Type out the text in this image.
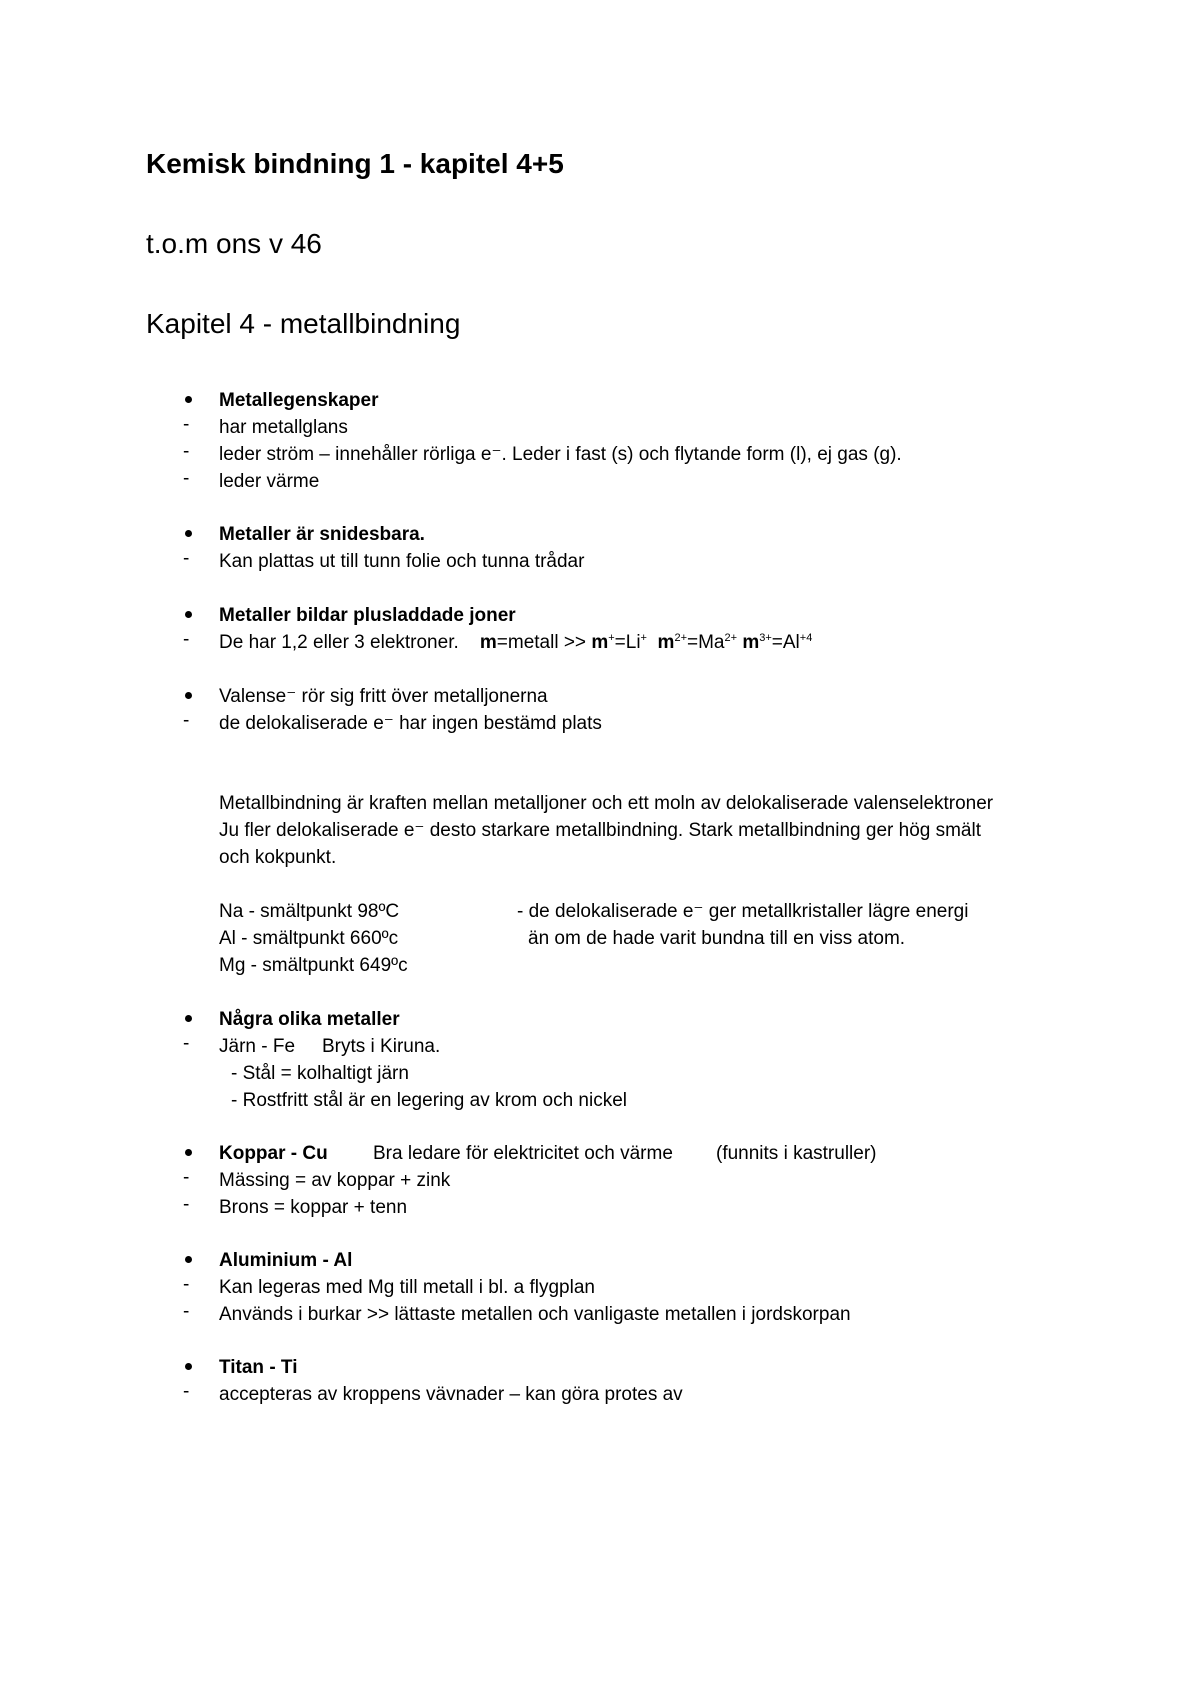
Kemisk bindning 1 - kapitel 4+5
t.o.m ons v 46
Kapitel 4 - metallbindning
Metallegenskaper
- har metallglans
- leder ström – innehåller rörliga e⁻. Leder i fast (s) och flytande form (l), ej gas (g).
- leder värme
Metaller är snidesbara.
- Kan plattas ut till tunn folie och tunna trådar
Metaller bildar plusladdade joner
- De har 1,2 eller 3 elektroner. m=metall >> m+=Li+ $m^{2+}=Ma^{2+}$ $m^{3+}=Al^{+4}$
Valense⁻ rör sig fritt över metalljonerna
- de delokaliserade e⁻ har ingen bestämd plats
Metallbindning är kraften mellan metalljoner och ett moln av delokaliserade valenselektroner
Ju fler delokaliserade e⁻ desto starkare metallbindning. Stark metallbindning ger hög smält
och kokpunkt.
Na - smältpunkt 98ºC
Al - smältpunkt 660ºc
Mg - smältpunkt 649ºc
- de delokaliserade e⁻ ger metallkristaller lägre energi
än om de hade varit bundna till en viss atom.
Några olika metaller
- Järn - Fe Bryts i Kiruna.
- Stål = kolhaltigt järn
- Rostfritt stål är en legering av krom och nickel
Koppar - Cu Bra ledare för elektricitet och värme (funnits i kastruller)
- Mässing = av koppar + zink
- Brons = koppar + tenn
Aluminium - Al
- Kan legeras med Mg till metall i bl. a flygplan
- Används i burkar >> lättaste metallen och vanligaste metallen i jordskorpan
Titan - Ti
- accepteras av kroppens vävnader – kan göra protes av
